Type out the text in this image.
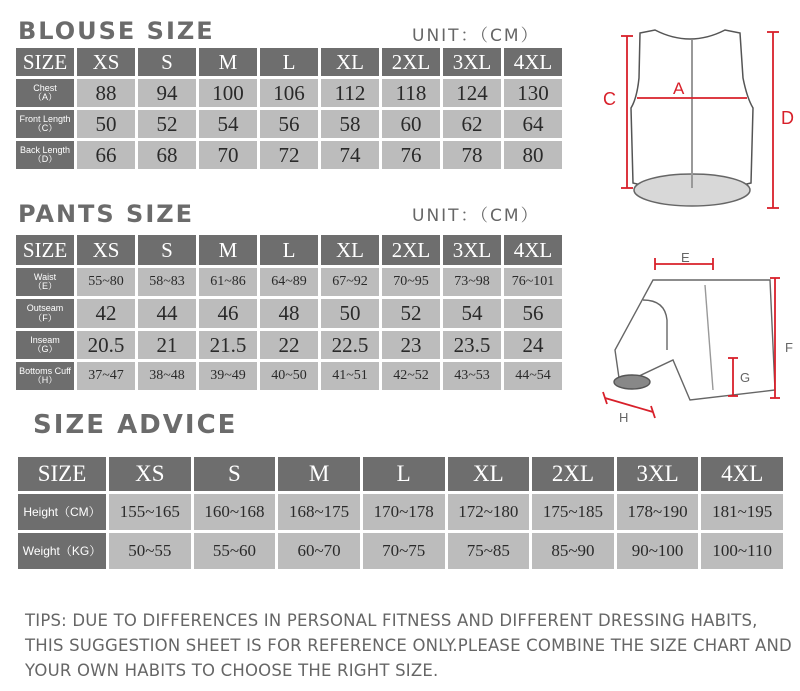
BLOUSE SIZE	UNIT：（CM）
SIZE	XS	S	M	L	XL	2XL	3XL	4XL
Chest
（A）	88	94	100	106	112	118	124	130
Front Length
（C）	50	52	54	56	58	60	62	64
Back Length
（D）	66	68	70	72	74	76	78	80
PANTS SIZE	UNIT：（CM）
SIZE	XS	S	M	L	XL	2XL	3XL	4XL
Waist
（E）	55~80	58~83	61~86	64~89	67~92	70~95	73~98	76~101
Outseam
（F）	42	44	46	48	50	52	54	56
Inseam
（G）	20.5	21	21.5	22	22.5	23	23.5	24
Bottoms Cuff
（H）	37~47	38~48	39~49	40~50	41~51	42~52	43~53	44~54
SIZE ADVICE
SIZE	XS	S	M	L	XL	2XL	3XL	4XL
Height（CM）	155~165	160~168	168~175	170~178	172~180	175~185	178~190	181~195
Weight（KG）	50~55	55~60	60~70	70~75	75~85	85~90	90~100	100~110
A
C
D
E
F
G
H
TIPS: DUE TO DIFFERENCES IN PERSONAL FITNESS AND DIFFERENT DRESSING HABITS, THIS SUGGESTION SHEET IS FOR REFERENCE ONLY.PLEASE COMBINE THE SIZE CHART AND YOUR OWN HABITS TO CHOOSE THE RIGHT SIZE.
